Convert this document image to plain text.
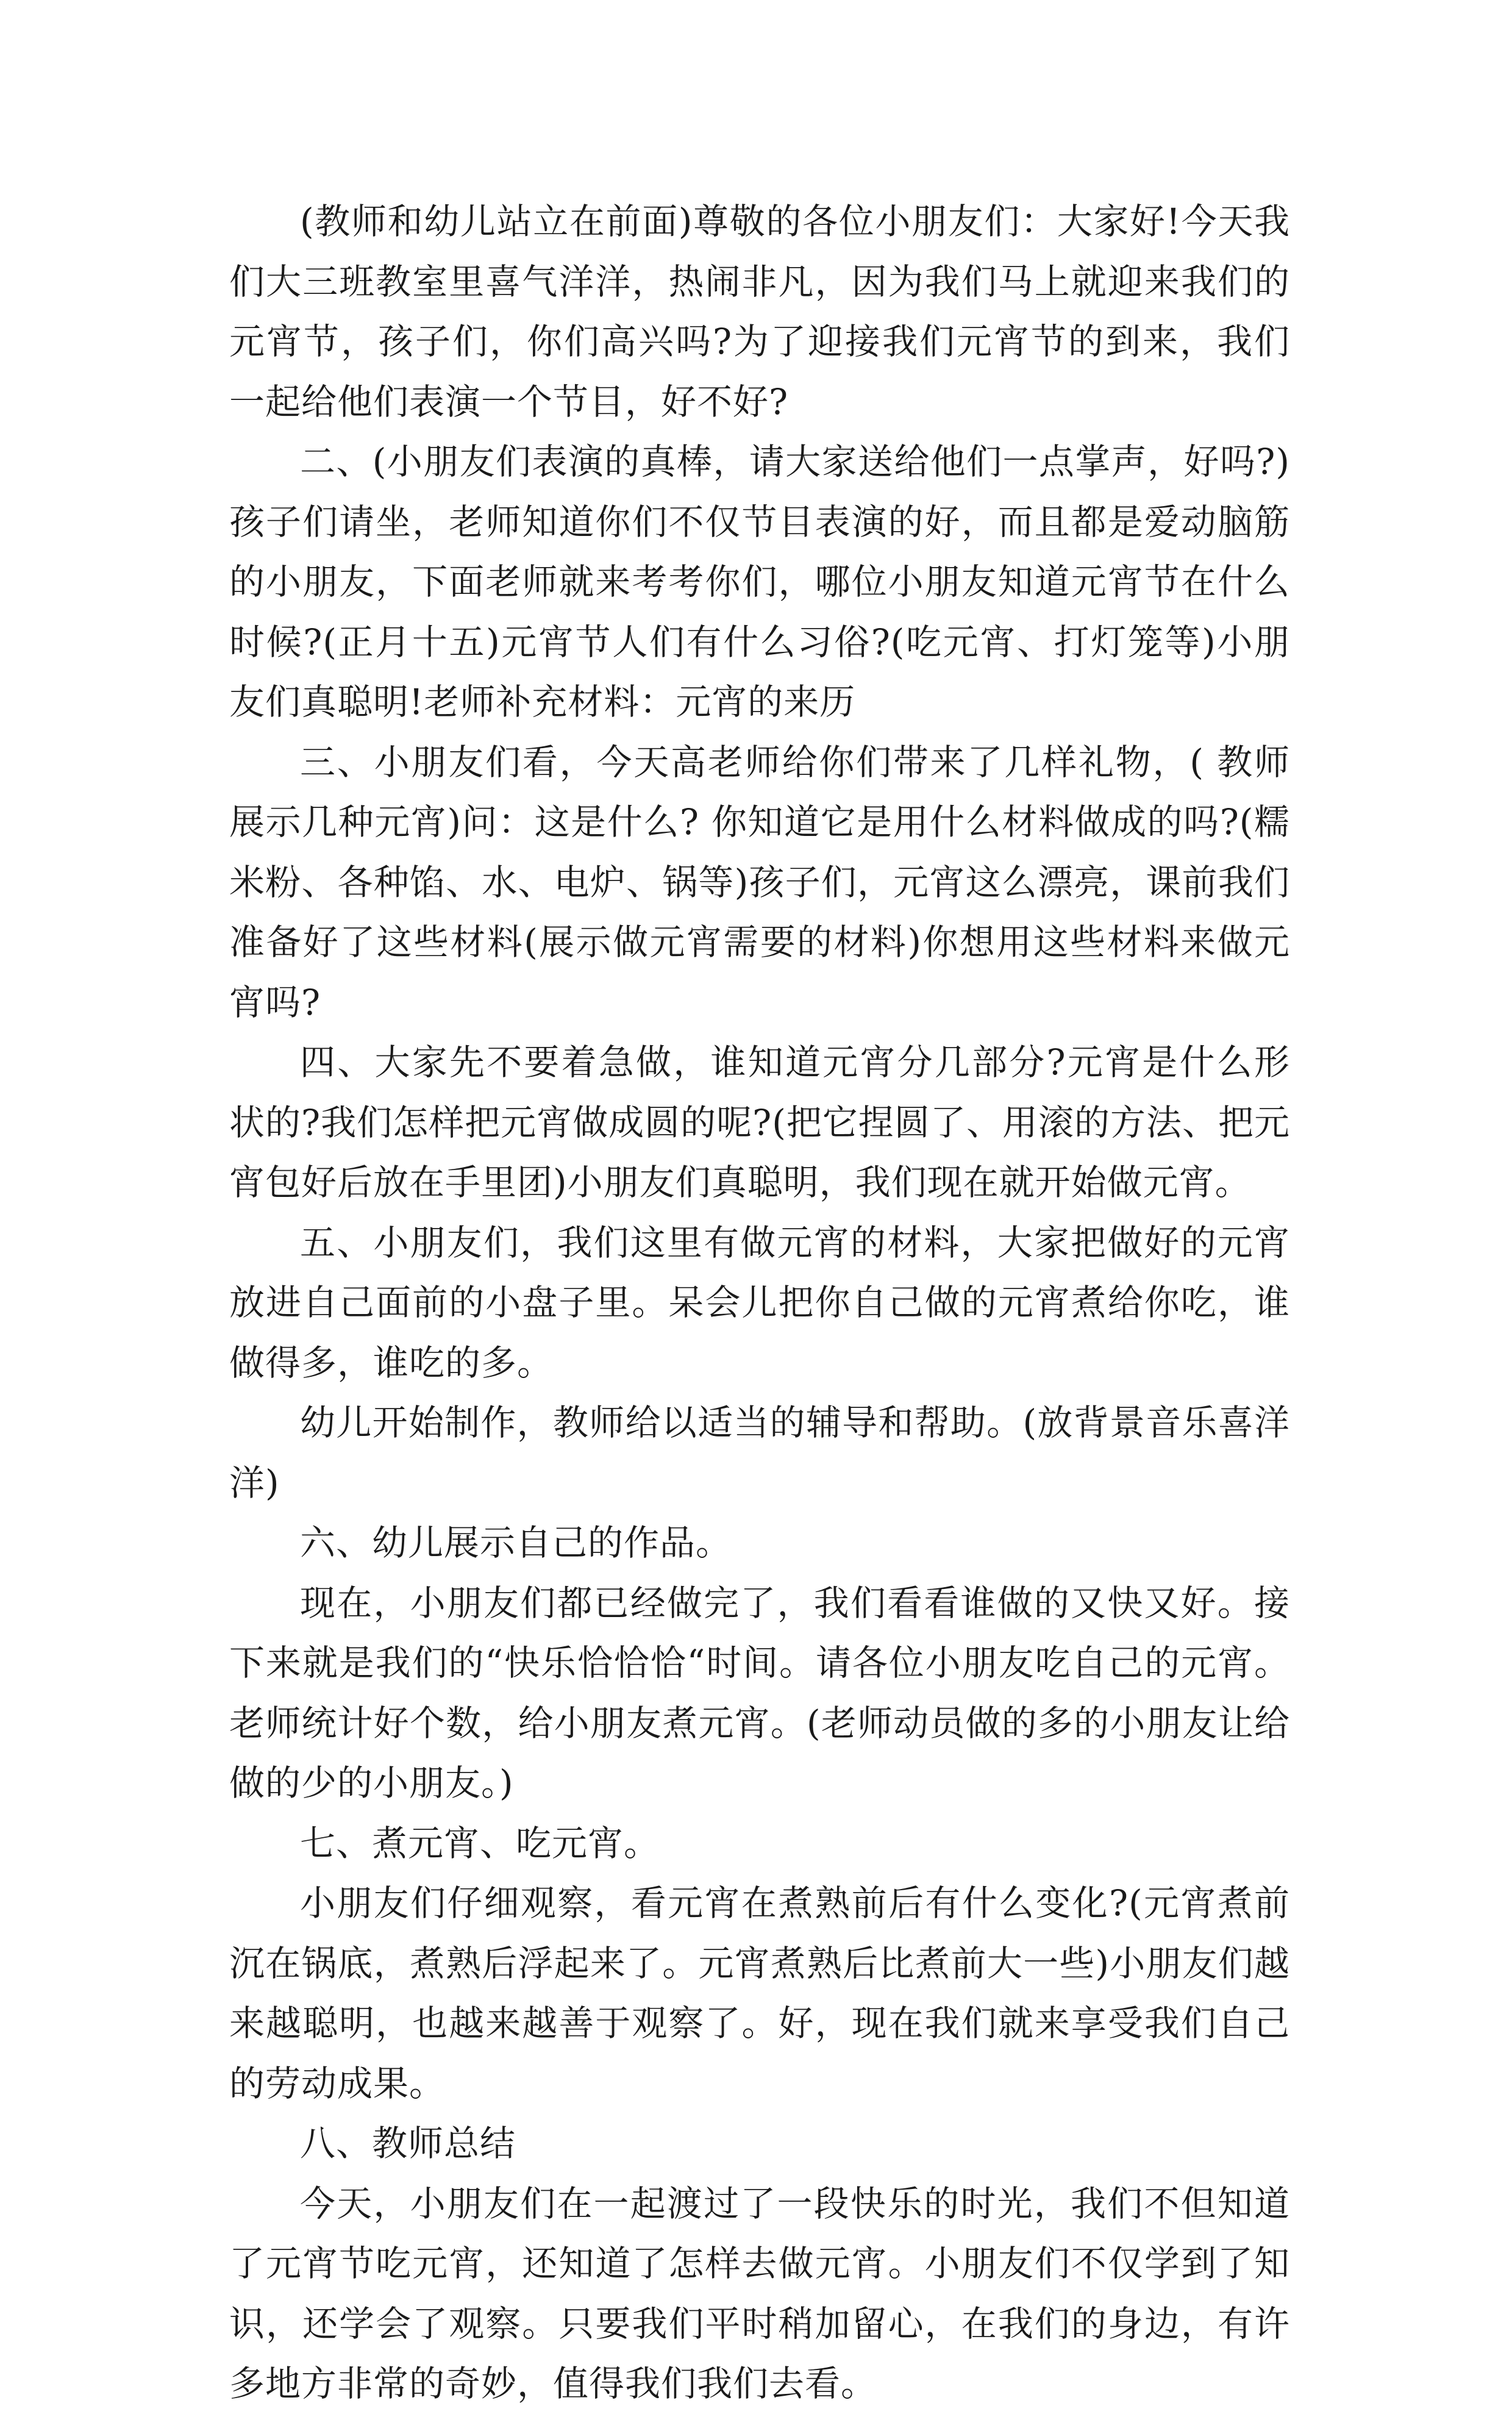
(教师和幼儿站立在前面)尊敬的各位小朋友们：大家好!今天我们大三班教室里喜气洋洋，热闹非凡，因为我们马上就迎来我们的元宵节，孩子们，你们高兴吗?为了迎接我们元宵节的到来，我们一起给他们表演一个节目，好不好?

二、(小朋友们表演的真棒，请大家送给他们一点掌声，好吗?)孩子们请坐，老师知道你们不仅节目表演的好，而且都是爱动脑筋的小朋友，下面老师就来考考你们，哪位小朋友知道元宵节在什么时候?(正月十五)元宵节人们有什么习俗?(吃元宵、打灯笼等)小朋友们真聪明!老师补充材料：元宵的来历

三、小朋友们看，今天高老师给你们带来了几样礼物，( 教师展示几种元宵)问：这是什么? 你知道它是用什么材料做成的吗?(糯米粉、各种馅、水、电炉、锅等)孩子们，元宵这么漂亮，课前我们准备好了这些材料(展示做元宵需要的材料)你想用这些材料来做元宵吗?

四、大家先不要着急做，谁知道元宵分几部分?元宵是什么形状的?我们怎样把元宵做成圆的呢?(把它捏圆了、用滚的方法、把元宵包好后放在手里团)小朋友们真聪明，我们现在就开始做元宵。

五、小朋友们，我们这里有做元宵的材料，大家把做好的元宵放进自己面前的小盘子里。呆会儿把你自己做的元宵煮给你吃，谁做得多，谁吃的多。

幼儿开始制作，教师给以适当的辅导和帮助。(放背景音乐喜洋洋)

六、幼儿展示自己的作品。

现在，小朋友们都已经做完了，我们看看谁做的又快又好。接下来就是我们的“快乐恰恰恰“时间。请各位小朋友吃自己的元宵。老师统计好个数，给小朋友煮元宵。(老师动员做的多的小朋友让给做的少的小朋友。)

七、煮元宵、吃元宵。

小朋友们仔细观察，看元宵在煮熟前后有什么变化?(元宵煮前沉在锅底，煮熟后浮起来了。元宵煮熟后比煮前大一些)小朋友们越来越聪明，也越来越善于观察了。好，现在我们就来享受我们自己的劳动成果。

八、教师总结

今天，小朋友们在一起渡过了一段快乐的时光，我们不但知道了元宵节吃元宵，还知道了怎样去做元宵。小朋友们不仅学到了知识，还学会了观察。只要我们平时稍加留心，在我们的身边，有许多地方非常的奇妙，值得我们我们去看。
